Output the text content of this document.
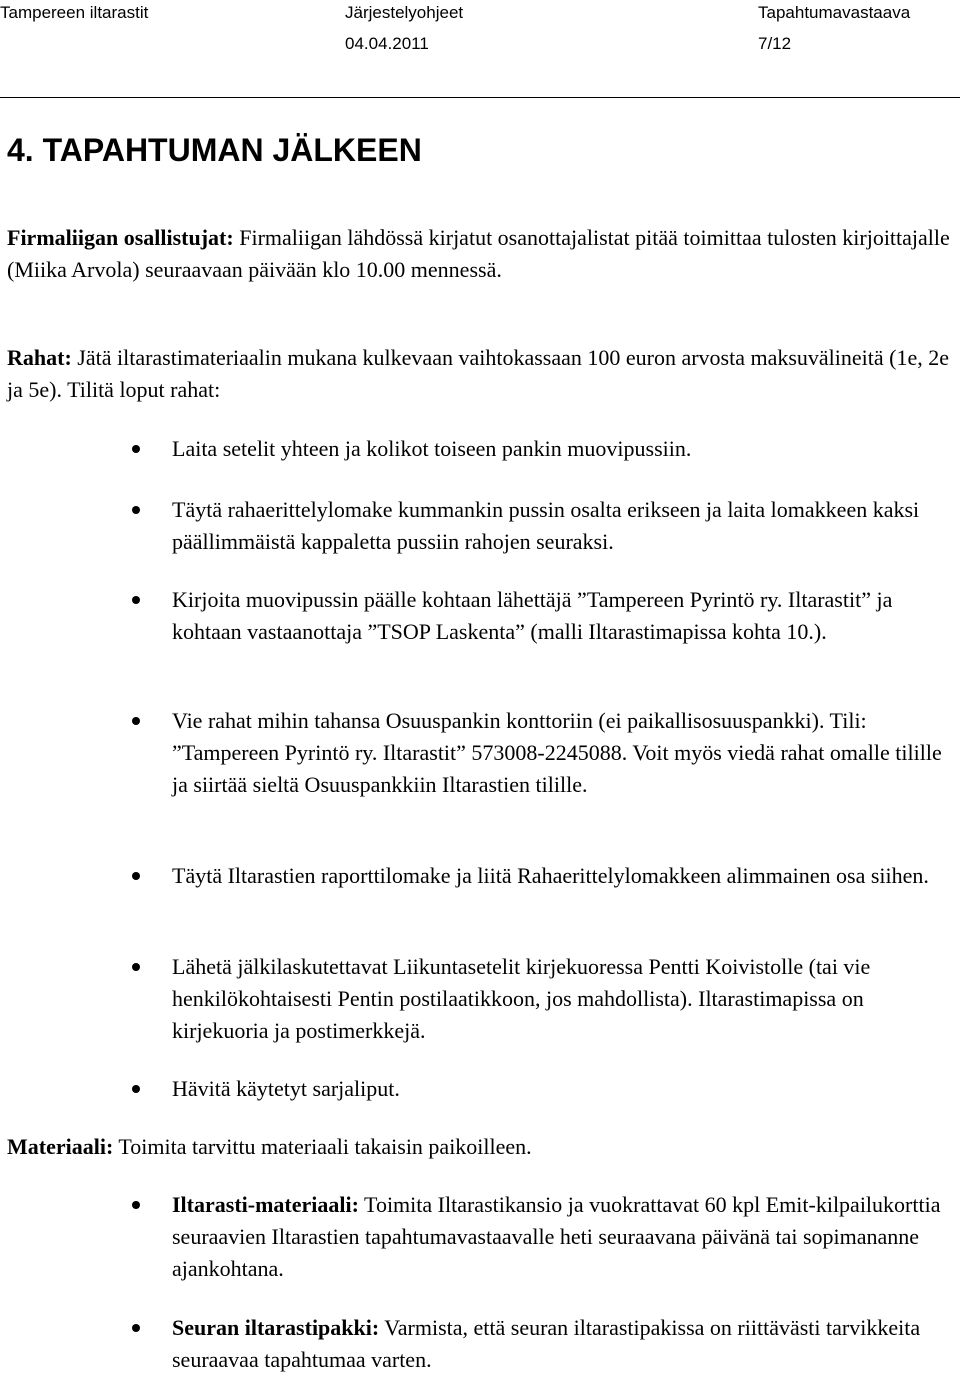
Tampereen iltarastit	Järjestelyohjeet	Tapahtumavastaava
04.04.2011	7/12
4. TAPAHTUMAN JÄLKEEN
Firmaliigan osallistujat: Firmaliigan lähdössä kirjatut osanottajalistat pitää toimittaa tulosten kirjoittajalle (Miika Arvola) seuraavaan päivään klo 10.00 mennessä.
Rahat: Jätä iltarastimateriaalin mukana kulkevaan vaihtokassaan 100 euron arvosta maksuvälineitä (1e, 2e ja 5e). Tilitä loput rahat:
Laita setelit yhteen ja kolikot toiseen pankin muovipussiin.
Täytä rahaerittelylomake kummankin pussin osalta erikseen ja laita lomakkeen kaksi päällimmäistä kappaletta pussiin rahojen seuraksi.
Kirjoita muovipussin päälle kohtaan lähettäjä ”Tampereen Pyrintö ry. Iltarastit” ja kohtaan vastaanottaja ”TSOP Laskenta” (malli Iltarastimapissa kohta 10.).
Vie rahat mihin tahansa Osuuspankin konttoriin (ei paikallisosuuspankki). Tili: ”Tampereen Pyrintö ry. Iltarastit” 573008-2245088. Voit myös viedä rahat omalle tilille ja siirtää sieltä Osuuspankkiin Iltarastien tilille.
Täytä Iltarastien raporttilomake ja liitä Rahaerittelylomakkeen alimmainen osa siihen.
Lähetä jälkilaskutettavat Liikuntasetelit kirjekuoressa Pentti Koivistolle (tai vie henkilökohtaisesti Pentin postilaatikkoon, jos mahdollista). Iltarastimapissa on kirjekuoria ja postimerkkejä.
Hävitä käytetyt sarjaliput.
Materiaali: Toimita tarvittu materiaali takaisin paikoilleen.
Iltarasti-materiaali: Toimita Iltarastikansio ja vuokrattavat 60 kpl Emit-kilpailukorttia seuraavien Iltarastien tapahtumavastaavalle heti seuraavana päivänä tai sopimananne ajankohtana.
Seuran iltarastipakki: Varmista, että seuran iltarastipakissa on riittävästi tarvikkeita seuraavaa tapahtumaa varten.
